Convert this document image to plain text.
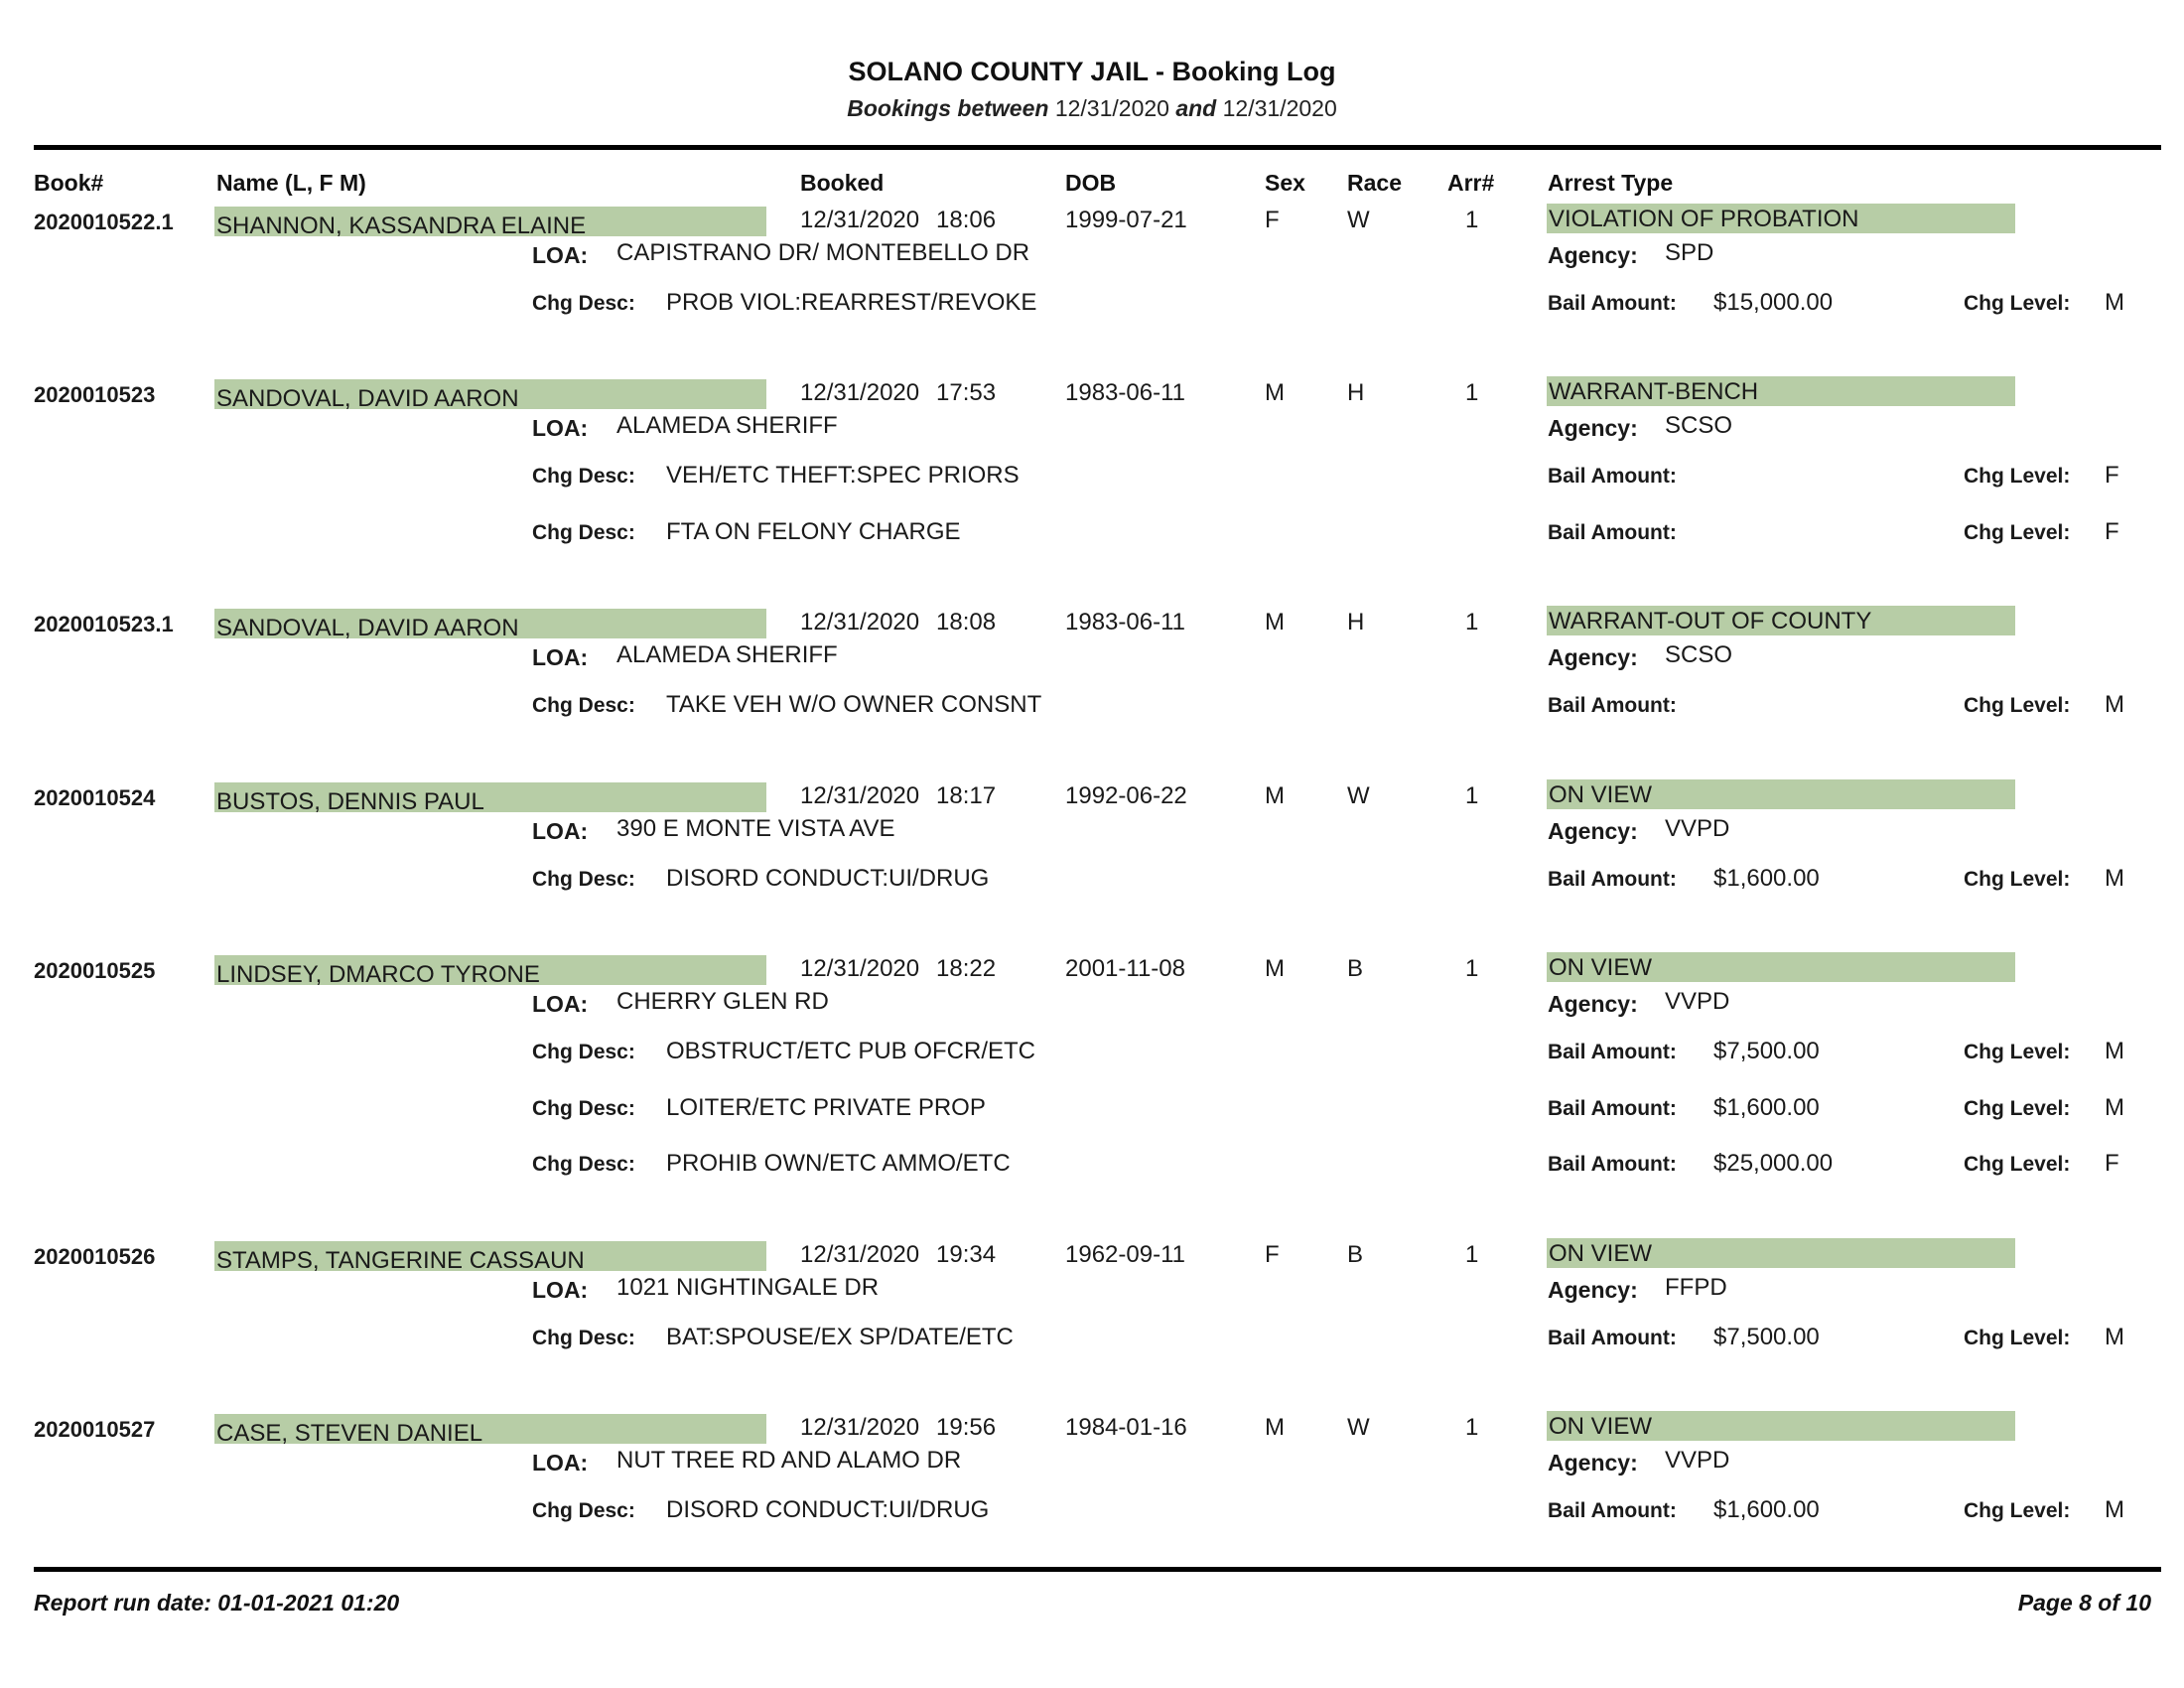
SOLANO COUNTY JAIL - Booking Log
Bookings between 12/31/2020 and 12/31/2020
Book#	Name (L, F M)	Booked	DOB	Sex Race Arr# Arrest Type
2020010522.1 SHANNON, KASSANDRA ELAINE	12/31/2020 18:06	1999-07-21	F	W	1	VIOLATION OF PROBATION
LOA: CAPISTRANO DR/ MONTEBELLO DR	Agency: SPD
Chg Desc: PROB VIOL:REARREST/REVOKE	Bail Amount: $15,000.00	Chg Level: M
2020010523	SANDOVAL, DAVID AARON	12/31/2020 17:53	1983-06-11	M	H	1	WARRANT-BENCH
LOA: ALAMEDA SHERIFF	Agency: SCSO
Chg Desc: VEH/ETC THEFT:SPEC PRIORS	Bail Amount:	Chg Level: F
Chg Desc: FTA ON FELONY CHARGE	Bail Amount:	Chg Level: F
2020010523.1 SANDOVAL, DAVID AARON	12/31/2020 18:08	1983-06-11	M	H	1	WARRANT-OUT OF COUNTY
LOA: ALAMEDA SHERIFF	Agency: SCSO
Chg Desc: TAKE VEH W/O OWNER CONSNT	Bail Amount:	Chg Level: M
2020010524	BUSTOS, DENNIS PAUL	12/31/2020 18:17	1992-06-22	M	W	1	ON VIEW
LOA: 390 E MONTE VISTA AVE	Agency: VVPD
Chg Desc: DISORD CONDUCT:UI/DRUG	Bail Amount: $1,600.00	Chg Level: M
2020010525	LINDSEY, DMARCO TYRONE	12/31/2020 18:22	2001-11-08	M	B	1	ON VIEW
LOA: CHERRY GLEN RD	Agency: VVPD
Chg Desc: OBSTRUCT/ETC PUB OFCR/ETC	Bail Amount: $7,500.00	Chg Level: M
Chg Desc: LOITER/ETC PRIVATE PROP	Bail Amount: $1,600.00	Chg Level: M
Chg Desc: PROHIB OWN/ETC AMMO/ETC	Bail Amount: $25,000.00	Chg Level: F
2020010526	STAMPS, TANGERINE CASSAUN	12/31/2020 19:34	1962-09-11	F	B	1	ON VIEW
LOA: 1021 NIGHTINGALE DR	Agency: FFPD
Chg Desc: BAT:SPOUSE/EX SP/DATE/ETC	Bail Amount: $7,500.00	Chg Level: M
2020010527	CASE, STEVEN DANIEL	12/31/2020 19:56	1984-01-16	M	W	1	ON VIEW
LOA: NUT TREE RD AND ALAMO DR	Agency: VVPD
Chg Desc: DISORD CONDUCT:UI/DRUG	Bail Amount: $1,600.00	Chg Level: M
Report run date: 01-01-2021 01:20	Page 8 of 10
